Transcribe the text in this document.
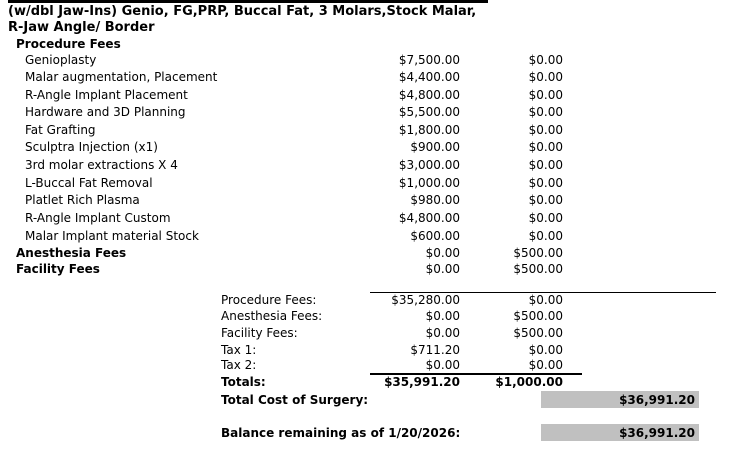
(w/dbl Jaw-Ins) Genio, FG,PRP, Buccal Fat, 3 Molars,Stock Malar,
R-Jaw Angle/ Border
Procedure Fees
Genioplasty	$7,500.00	$0.00
Malar augmentation, Placement	$4,400.00	$0.00
R-Angle Implant Placement	$4,800.00	$0.00
Hardware and 3D Planning	$5,500.00	$0.00
Fat Grafting	$1,800.00	$0.00
Sculptra Injection (x1)	$900.00	$0.00
3rd molar extractions X 4	$3,000.00	$0.00
L-Buccal Fat Removal	$1,000.00	$0.00
Platlet Rich Plasma	$980.00	$0.00
R-Angle Implant Custom	$4,800.00	$0.00
Malar Implant material Stock	$600.00	$0.00
Anesthesia Fees	$0.00	$500.00
Facility Fees	$0.00	$500.00
Procedure Fees:	$35,280.00	$0.00
Anesthesia Fees:	$0.00	$500.00
Facility Fees:	$0.00	$500.00
Tax 1:	$711.20	$0.00
Tax 2:	$0.00	$0.00
Totals:	$35,991.20	$1,000.00
Total Cost of Surgery:	$36,991.20
Balance remaining as of 1/20/2026:	$36,991.20
